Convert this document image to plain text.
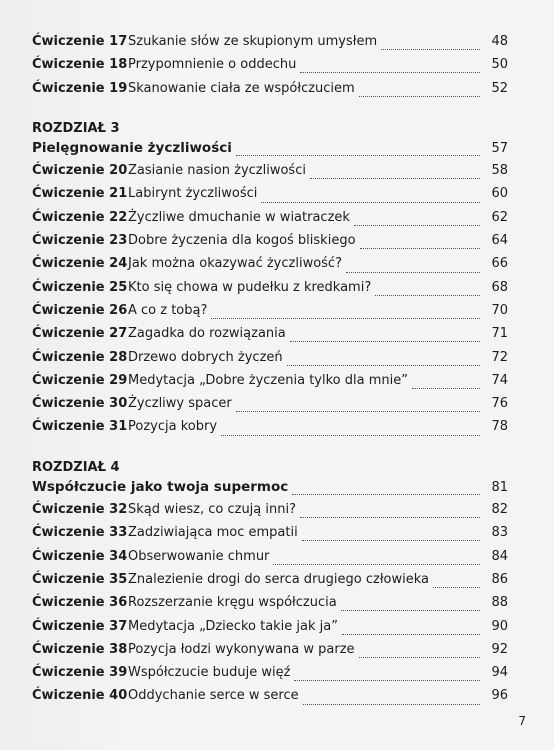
Ćwiczenie 17 Szukanie słów ze skupionym umysłem	48
Ćwiczenie 18 Przypomnienie o oddechu	50
Ćwiczenie 19 Skanowanie ciała ze współczuciem	52
ROZDZIAŁ 3
Pielęgnowanie życzliwości	57
Ćwiczenie 20 Zasianie nasion życzliwości	58
Ćwiczenie 21 Labirynt życzliwości	60
Ćwiczenie 22 Życzliwe dmuchanie w wiatraczek	62
Ćwiczenie 23 Dobre życzenia dla kogoś bliskiego	64
Ćwiczenie 24 Jak można okazywać życzliwość?	66
Ćwiczenie 25 Kto się chowa w pudełku z kredkami?	68
Ćwiczenie 26 A co z tobą?	70
Ćwiczenie 27 Zagadka do rozwiązania	71
Ćwiczenie 28 Drzewo dobrych życzeń	72
Ćwiczenie 29 Medytacja „Dobre życzenia tylko dla mnie”	74
Ćwiczenie 30 Życzliwy spacer	76
Ćwiczenie 31 Pozycja kobry	78
ROZDZIAŁ 4
Współczucie jako twoja supermoc	81
Ćwiczenie 32 Skąd wiesz, co czują inni?	82
Ćwiczenie 33 Zadziwiająca moc empatii	83
Ćwiczenie 34 Obserwowanie chmur	84
Ćwiczenie 35 Znalezienie drogi do serca drugiego człowieka	86
Ćwiczenie 36 Rozszerzanie kręgu współczucia	88
Ćwiczenie 37 Medytacja „Dziecko takie jak ja”	90
Ćwiczenie 38 Pozycja łodzi wykonywana w parze	92
Ćwiczenie 39 Współczucie buduje więź	94
Ćwiczenie 40 Oddychanie serce w serce	96
7
